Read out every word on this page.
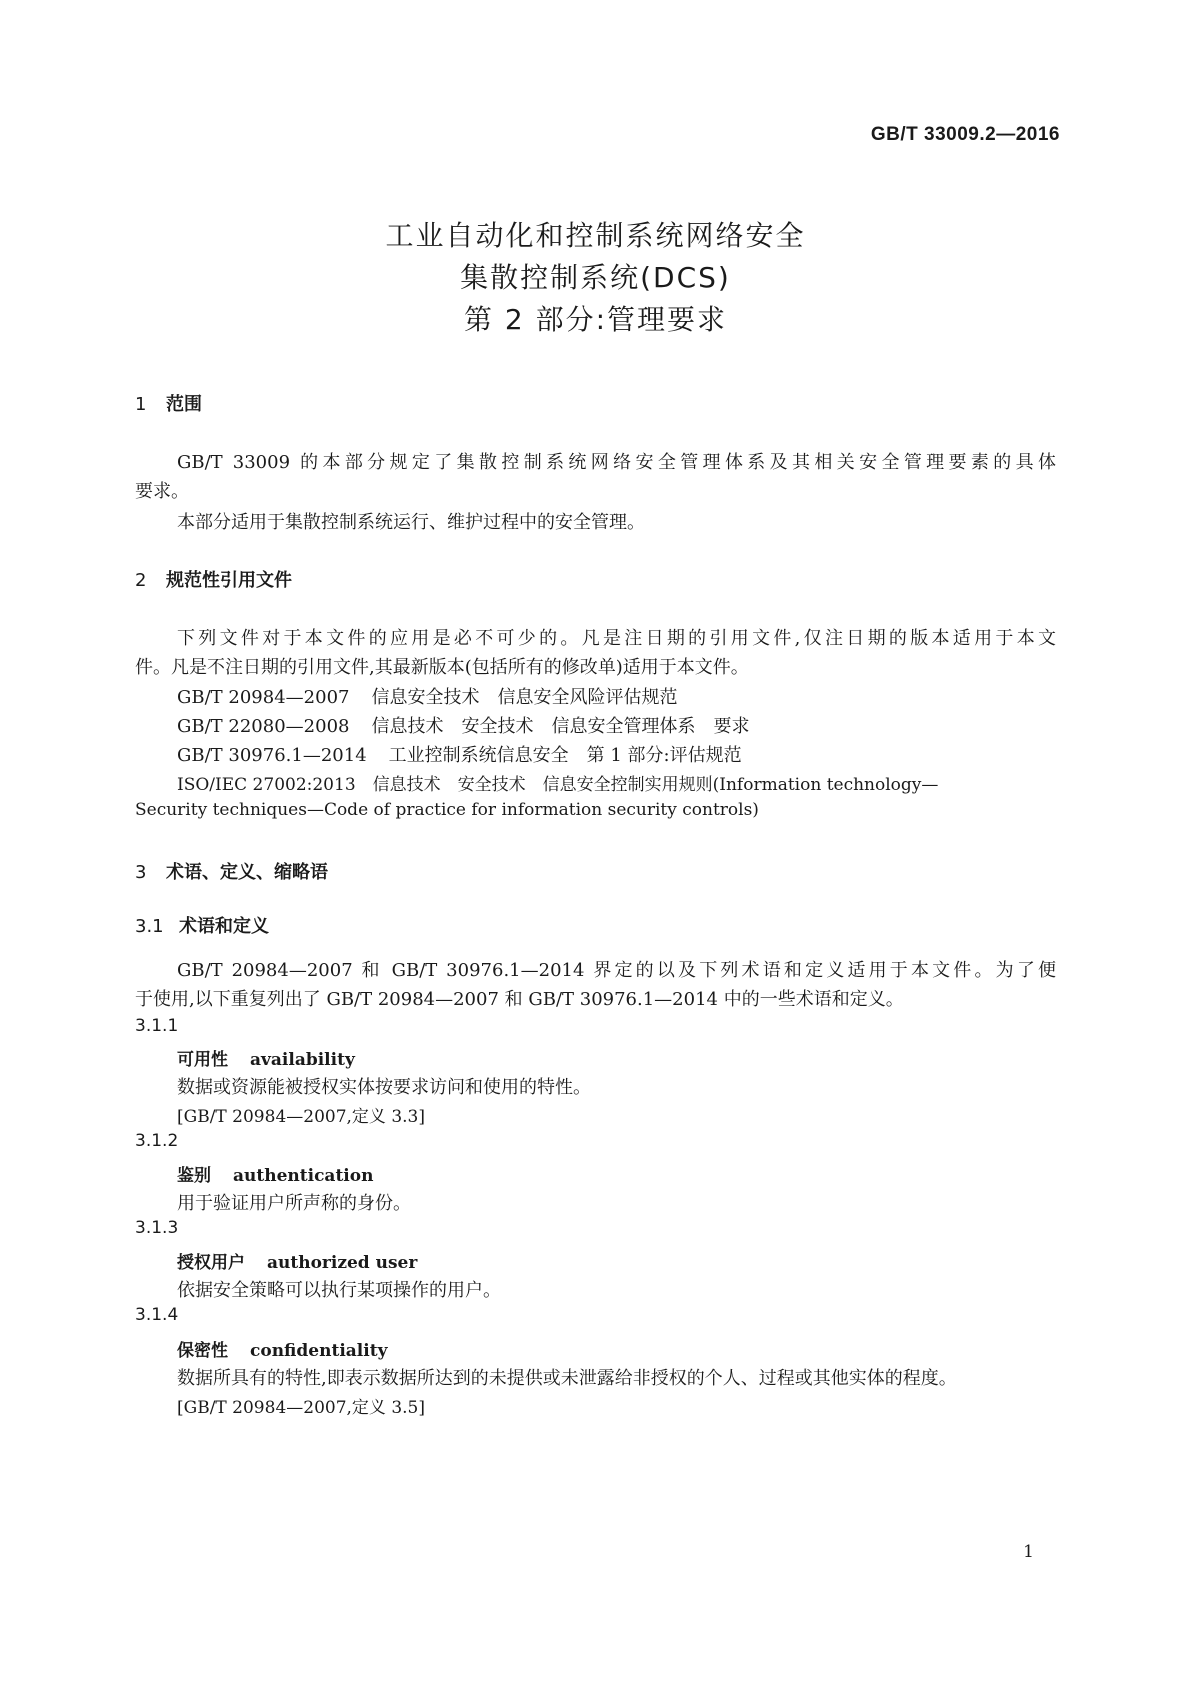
GB/T 33009.2—2016
工业自动化和控制系统网络安全
集散控制系统(DCS)
第 2 部分:管理要求
1 范围
GB/T 33009 的本部分规定了集散控制系统网络安全管理体系及其相关安全管理要素的具体
要求。
本部分适用于集散控制系统运行、维护过程中的安全管理。
2 规范性引用文件
下列文件对于本文件的应用是必不可少的。凡是注日期的引用文件,仅注日期的版本适用于本文
件。凡是不注日期的引用文件,其最新版本(包括所有的修改单)适用于本文件。
GB/T 20984—2007 信息安全技术　信息安全风险评估规范
GB/T 22080—2008 信息技术　安全技术　信息安全管理体系　要求
GB/T 30976.1—2014 工业控制系统信息安全　第 1 部分:评估规范
ISO/IEC 27002:2013　信息技术　安全技术　信息安全控制实用规则(Information technology—
Security techniques—Code of practice for information security controls)
3 术语、定义、缩略语
3.1 术语和定义
GB/T 20984—2007 和 GB/T 30976.1—2014 界定的以及下列术语和定义适用于本文件。为了便
于使用,以下重复列出了 GB/T 20984—2007 和 GB/T 30976.1—2014 中的一些术语和定义。
3.1.1
可用性 availability
数据或资源能被授权实体按要求访问和使用的特性。
[GB/T 20984—2007,定义 3.3]
3.1.2
鉴别 authentication
用于验证用户所声称的身份。
3.1.3
授权用户 authorized user
依据安全策略可以执行某项操作的用户。
3.1.4
保密性 confidentiality
数据所具有的特性,即表示数据所达到的未提供或未泄露给非授权的个人、过程或其他实体的程度。
[GB/T 20984—2007,定义 3.5]
1
